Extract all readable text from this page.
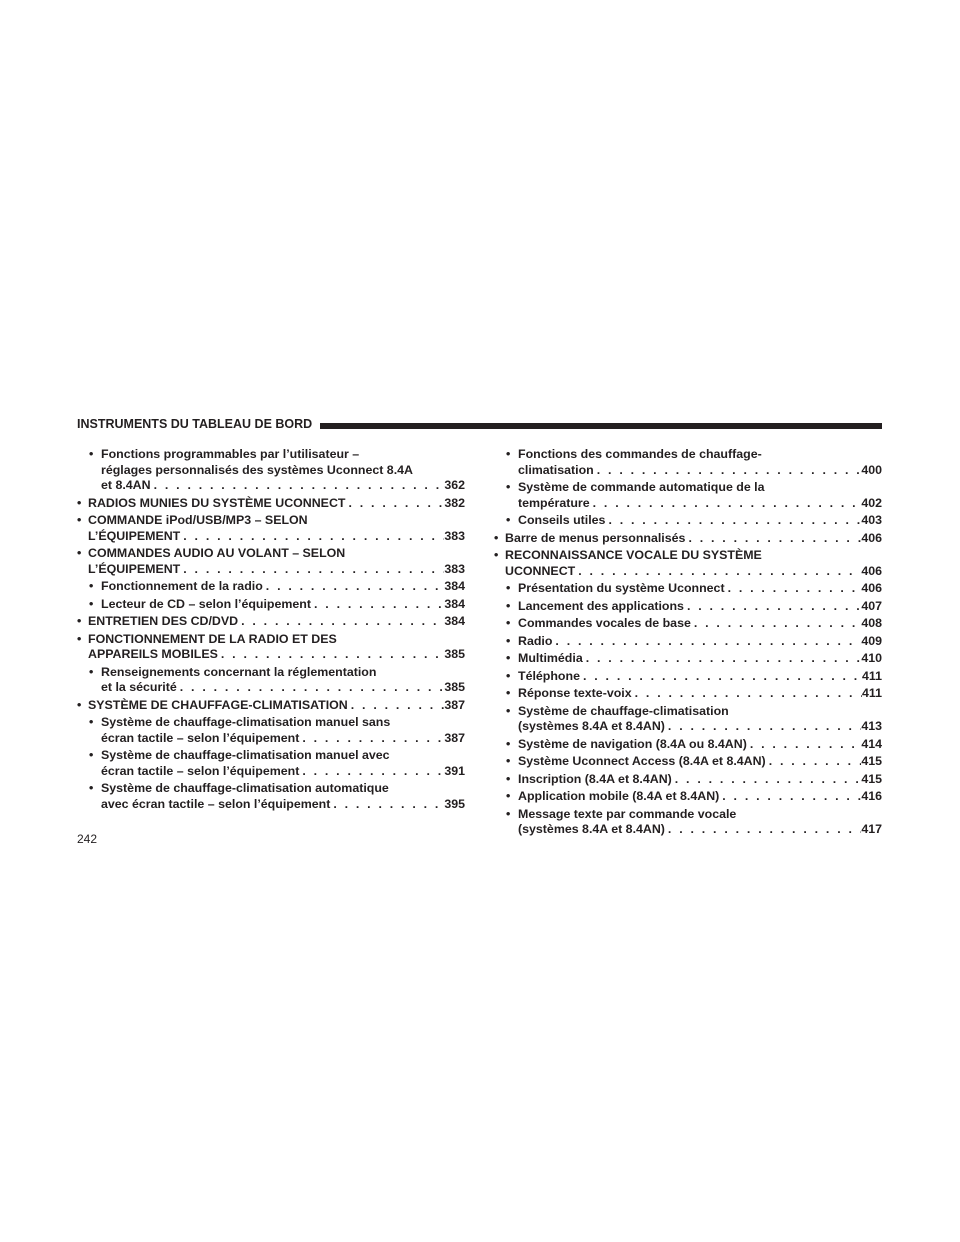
INSTRUMENTS DU TABLEAU DE BORD
• Fonctions programmables par l’utilisateur –
réglages personnalisés des systèmes Uconnect 8.4A
et 8.4AN . . .	362
• RADIOS MUNIES DU SYSTÈME UCONNECT . . .	382
• COMMANDE iPod/USB/MP3 – SELON
L’ÉQUIPEMENT . . .	383
• COMMANDES AUDIO AU VOLANT – SELON
L’ÉQUIPEMENT . . .	383
• Fonctionnement de la radio . . .	384
• Lecteur de CD – selon l’équipement . . .	384
• ENTRETIEN DES CD/DVD . . .	384
• FONCTIONNEMENT DE LA RADIO ET DES
APPAREILS MOBILES . . .	385
• Renseignements concernant la réglementation
et la sécurité . . .	385
• SYSTÈME DE CHAUFFAGE-CLIMATISATION . . .	387
• Système de chauffage-climatisation manuel sans
écran tactile – selon l’équipement . . .	387
• Système de chauffage-climatisation manuel avec
écran tactile – selon l’équipement . . .	391
• Système de chauffage-climatisation automatique
avec écran tactile – selon l’équipement . . .	395
• Fonctions des commandes de chauffage-
climatisation . . .	400
• Système de commande automatique de la
température . . .	402
• Conseils utiles . . .	403
• Barre de menus personnalisés . . .	406
• RECONNAISSANCE VOCALE DU SYSTÈME
UCONNECT . . .	406
• Présentation du système Uconnect . . .	406
• Lancement des applications . . .	407
• Commandes vocales de base . . .	408
• Radio . . .	409
• Multimédia . . .	410
• Téléphone . . .	411
• Réponse texte-voix . . .	411
• Système de chauffage-climatisation
(systèmes 8.4A et 8.4AN) . . .	413
• Système de navigation (8.4A ou 8.4AN) . . .	414
• Système Uconnect Access (8.4A et 8.4AN) . . .	415
• Inscription (8.4A et 8.4AN) . . .	415
• Application mobile (8.4A et 8.4AN) . . .	416
• Message texte par commande vocale
(systèmes 8.4A et 8.4AN) . . .	417
242
